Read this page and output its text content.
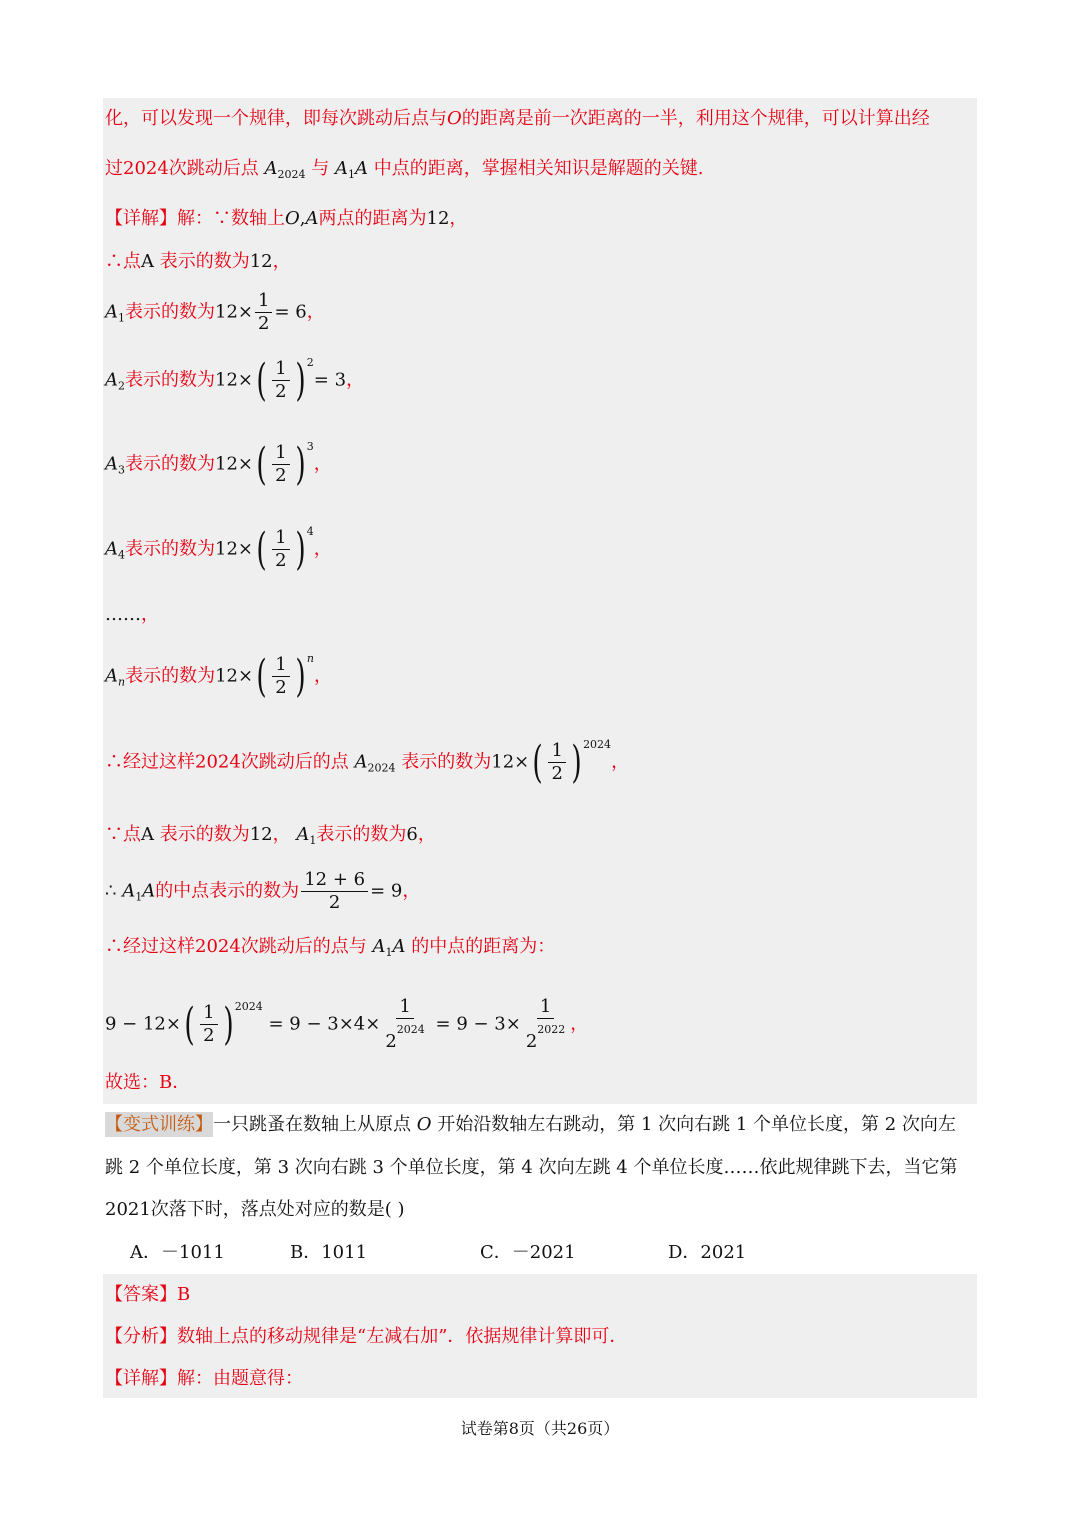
化，可以发现一个规律，即每次跳动后点与O的距离是前一次距离的一半，利用这个规律，可以计算出经
过2024次跳动后点 $A_{2024}$ 与 $A_1A$ 中点的距离，掌握相关知识是解题的关键.
【详解】解：∵数轴上O,A两点的距离为12，
∴点A 表示的数为12，
$A_1$表示的数为$12\times \frac{1}{2} = 6$，
$A_2$表示的数为12× ( $\frac{1}{2}$ ) 2
= 3，
$A_3$表示的数为12× ( $\frac{1}{2}$ ) 3
，
$A_4$表示的数为12× ( $\frac{1}{2}$ ) 4
，
……，
$A_n$表示的数为12× ( $\frac{1}{2}$ ) n
，
∴经过这样2024次跳动后的点 $A_{2024}$ 表示的数为12× ( $\frac{1}{2}$ ) 2024
，
∵点A 表示的数为12， $A_1$表示的数为6，
∴ $A_1A$的中点表示的数为 $\frac{12 + 6}{2} = 9$，
∴经过这样2024次跳动后的点与 $A_1A$ 的中点的距离为：
9 − 12× ( $\frac{1}{2}$ ) 2024
= $9 - 3\times 4\times \frac{1}{2^{2024}} = 9 - 3\times \frac{1}{2^{2022}}$ ，
故选：B．
【变式训练】一只跳蚤在数轴上从原点 O 开始沿数轴左右跳动，第 1 次向右跳 1 个单位长度，第 2 次向左
跳 2 个单位长度，第 3 次向右跳 3 个单位长度，第 4 次向左跳 4 个单位长度……依此规律跳下去，当它第
2021次落下时，落点处对应的数是( )
A．－1011	B．1011	C．－2021	D．2021
【答案】B
【分析】数轴上点的移动规律是“左减右加”．依据规律计算即可．
【详解】解：由题意得：
试卷第8页（共26页）
